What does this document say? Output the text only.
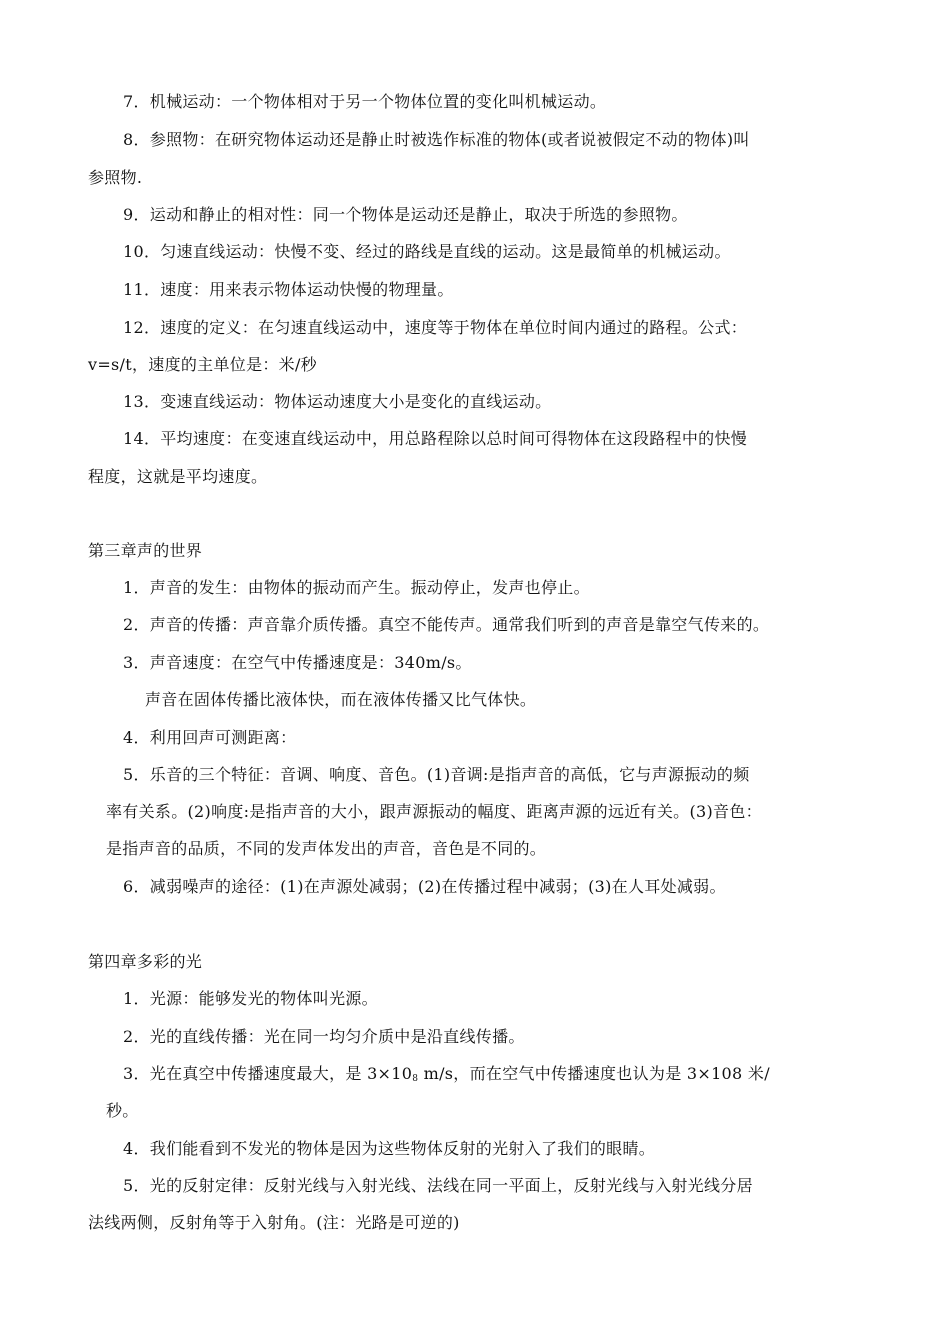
7．机械运动：一个物体相对于另一个物体位置的变化叫机械运动。
8．参照物：在研究物体运动还是静止时被选作标准的物体(或者说被假定不动的物体)叫
参照物.
9．运动和静止的相对性：同一个物体是运动还是静止，取决于所选的参照物。
10．匀速直线运动：快慢不变、经过的路线是直线的运动。这是最简单的机械运动。
11．速度：用来表示物体运动快慢的物理量。
12．速度的定义：在匀速直线运动中，速度等于物体在单位时间内通过的路程。公式：
v=s/t，速度的主单位是：米/秒
13．变速直线运动：物体运动速度大小是变化的直线运动。
14．平均速度：在变速直线运动中，用总路程除以总时间可得物体在这段路程中的快慢
程度，这就是平均速度。
第三章声的世界
1．声音的发生：由物体的振动而产生。振动停止，发声也停止。
2．声音的传播：声音靠介质传播。真空不能传声。通常我们听到的声音是靠空气传来的。
3．声音速度：在空气中传播速度是：340m/s。
声音在固体传播比液体快，而在液体传播又比气体快。
4．利用回声可测距离：
5．乐音的三个特征：音调、响度、音色。(1)音调:是指声音的高低，它与声源振动的频
率有关系。(2)响度:是指声音的大小，跟声源振动的幅度、距离声源的远近有关。(3)音色：
是指声音的品质，不同的发声体发出的声音，音色是不同的。
6．减弱噪声的途径：(1)在声源处减弱；(2)在传播过程中减弱；(3)在人耳处减弱。
第四章多彩的光
1．光源：能够发光的物体叫光源。
2．光的直线传播：光在同一均匀介质中是沿直线传播。
3．光在真空中传播速度最大，是 $3\times 10^8$ m/s，而在空气中传播速度也认为是 3×108 米/
秒。
4．我们能看到不发光的物体是因为这些物体反射的光射入了我们的眼睛。
5．光的反射定律：反射光线与入射光线、法线在同一平面上，反射光线与入射光线分居
法线两侧，反射角等于入射角。(注：光路是可逆的)
